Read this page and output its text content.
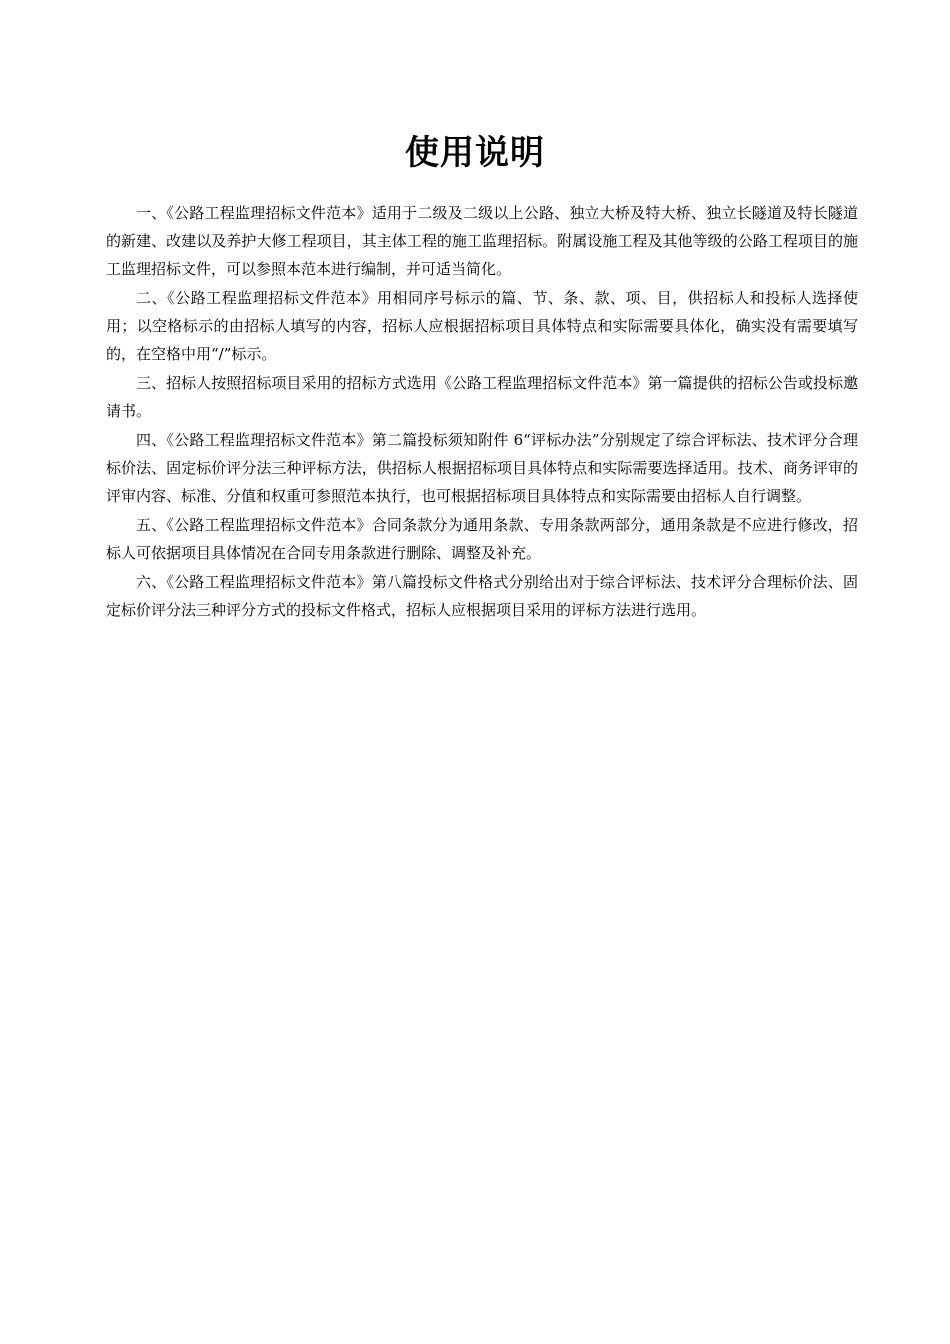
使用说明

一、《公路工程监理招标文件范本》适用于二级及二级以上公路、独立大桥及特大桥、独立长隧道及特长隧道的新建、改建以及养护大修工程项目，其主体工程的施工监理招标。附属设施工程及其他等级的公路工程项目的施工监理招标文件，可以参照本范本进行编制，并可适当简化。

二、《公路工程监理招标文件范本》用相同序号标示的篇、节、条、款、项、目，供招标人和投标人选择使用；以空格标示的由招标人填写的内容，招标人应根据招标项目具体特点和实际需要具体化，确实没有需要填写的，在空格中用“/”标示。

三、招标人按照招标项目采用的招标方式选用《公路工程监理招标文件范本》第一篇提供的招标公告或投标邀请书。

四、《公路工程监理招标文件范本》第二篇投标须知附件 6“评标办法”分别规定了综合评标法、技术评分合理标价法、固定标价评分法三种评标方法，供招标人根据招标项目具体特点和实际需要选择适用。技术、商务评审的评审内容、标准、分值和权重可参照范本执行，也可根据招标项目具体特点和实际需要由招标人自行调整。

五、《公路工程监理招标文件范本》合同条款分为通用条款、专用条款两部分，通用条款是不应进行修改，招标人可依据项目具体情况在合同专用条款进行删除、调整及补充。

六、《公路工程监理招标文件范本》第八篇投标文件格式分别给出对于综合评标法、技术评分合理标价法、固定标价评分法三种评分方式的投标文件格式，招标人应根据项目采用的评标方法进行选用。
